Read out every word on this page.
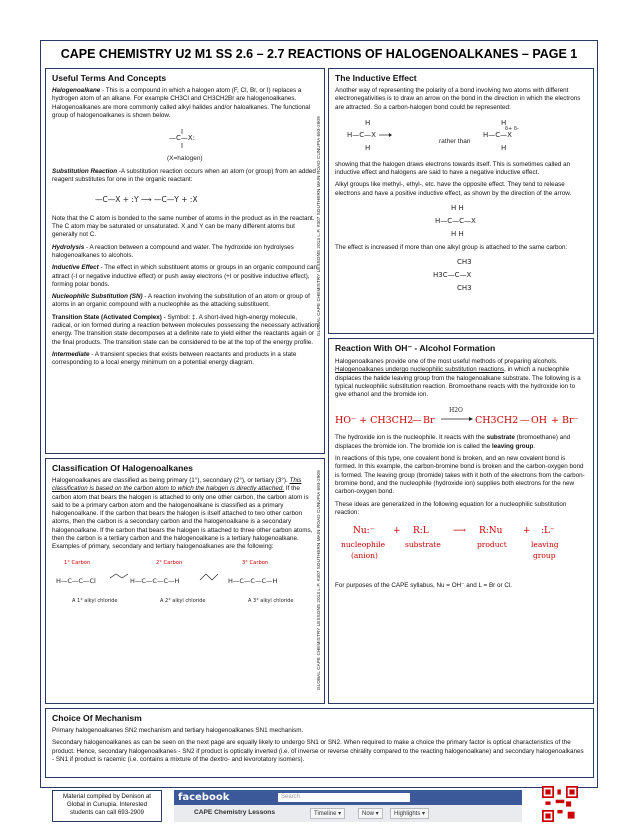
CAPE CHEMISTRY U2 M1 SS 2.6 – 2.7 REACTIONS OF HALOGENOALKANES – PAGE 1
Useful Terms And Concepts

Halogenoalkane - This is a compound in which a halogen atom (F, Cl, Br, or I) replaces a hydrogen atom of an alkane. For example CH3Cl and CH3CH2Br are halogenoalkanes. Halogenoalkanes are more commonly called alkyl halides and/or haloalkanes. The functional group of halogenoalkanes is shown below.

—C—X:
(X=halogen)

Substitution Reaction -A substitution reaction occurs when an atom (or group) from an added reagent substitutes for one in the organic reactant:

—C—X + :Y ⟶ —C—Y + :X

Note that the C atom is bonded to the same number of atoms in the product as in the reactant. The C atom may be saturated or unsaturated. X and Y can be many different atoms but generally not C.

Hydrolysis - A reaction between a compound and water. The hydroxide ion hydrolyses halogenoalkanes to alcohols.

Inductive Effect - The effect in which substituent atoms or groups in an organic compound can attract (-I or negative inductive effect) or push away electrons (+I or positive inductive effect), forming polar bonds.

Nucleophilic Substitution (SN) - A reaction involving the substitution of an atom or group of atoms in an organic compound with a nucleophile as the attacking substituent.

Transition State (Activated Complex) - Symbol: ‡. A short-lived high-energy molecule, radical, or ion formed during a reaction between molecules possessing the necessary activation energy. The transition state decomposes at a definite rate to yield either the reactants again or the final products. The transition state can be considered to be at the top of the energy profile.

Intermediate - A transient species that exists between reactants and products in a state corresponding to a local energy minimum on a potential energy diagram.

GLOBAL CAPE CHEMISTRY LESSONS 2013 L.P. #307 SOUTHERN MAIN ROAD CUNUPIA 693-2909
Classification Of Halogenoalkanes

Halogenoalkanes are classified as being primary (1°), secondary (2°), or tertiary (3°). This classification is based on the carbon atom to which the halogen is directly attached. If the carbon atom that bears the halogen is attached to only one other carbon, the carbon atom is said to be a primary carbon atom and the halogenoalkane is classified as a primary halogenoalkane. If the carbon that bears the halogen is itself attached to two other carbon atoms, then the carbon is a secondary carbon and the halogenoalkane is a secondary halogenoalkane. If the carbon that bears the halogen is attached to three other carbon atoms, then the carbon is a tertiary carbon and the halogenoalkane is a tertiary halogenoalkane. Examples of primary, secondary and tertiary halogenoalkanes are the following:

1° Carbon	2° Carbon	3° Carbon
H—C—C—Cl	H—C—C—C—H	H—C—C—C—H
A 1° alkyl chloride	A 2° alkyl chloride	A 3° alkyl chloride	GLOBAL CAPE CHEMISTRY LESSONS 2013 L.P. #307 SOUTHERN MAIN ROAD CUNUPIA 693-2909
The Inductive Effect

Another way of representing the polarity of a bond involving two atoms with different electronegativities is to draw an arrow on the bond in the direction in which the electrons are attracted. So a carbon-halogen bond could be represented:

H
H—C—X
H
H
H—C—X
H
δ+ δ-
rather than

showing that the halogen draws electrons towards itself. This is sometimes called an inductive effect and halogens are said to have a negative inductive effect.

Alkyl groups like methyl-, ethyl-, etc. have the opposite effect. They tend to release electrons and have a positive inductive effect, as shown by the direction of the arrow.

H H
H—C—C—X
H H

The effect is increased if more than one alkyl group is attached to the same carbon:

CH3
H3C—C—X
CH3
Reaction With OH⁻ - Alcohol Formation

Halogenoalkanes provide one of the most useful methods of preparing alcohols. Halogenoalkanes undergo nucleophilic substitution reactions, in which a nucleophile displaces the halide leaving group from the halogenoalkane substrate. The following is a typical nucleophilic substitution reaction. Bromoethane reacts with the hydroxide ion to give ethanol and the bromide ion.

HO⁻ + CH3CH2
— Br
H2O
CH3CH2 — OH + Br⁻

The hydroxide ion is the nucleophile. It reacts with the substrate (bromoethane) and displaces the bromide ion. The bromide ion is called the leaving group.

In reactions of this type, one covalent bond is broken, and an new covalent bond is formed. In this example, the carbon-bromine bond is broken and the carbon-oxygen bond is formed. The leaving group (bromide) takes with it both of the electrons from the carbon-bromine bond, and the nucleophile (hydroxide ion) supplies both electrons for the new carbon-oxygen bond.

These ideas are generalized in the following equation for a nucleophilic substitution reaction:

Nu:⁻ + R:L	⟶ R:Nu + :L⁻
nucleophile
(anion)
substrate	product	leaving
group

For purposes of the CAPE syllabus, Nu = OH⁻ and L = Br or Cl.

Choice Of Mechanism

Primary halogenoalkanes SN2 mechanism and tertiary halogenoalkanes SN1 mechanism.

Secondary halogenoalkanes as can be seen on the next page are equally likely to undergo SN1 or SN2. When required to make a choice the primary factor is optical characteristics of the product. Hence, secondary halogenoalkanes - SN2 if product is optically inverted (i.e. of inverse or reverse chirality compared to the reacting halogenoalkane) and secondary halogenoalkanes - SN1 if product is racemic (i.e. contains a mixture of the dextro- and levorotatory isomers).

Material compiled by Denison at Global in Cunupia. Interested students can call 693-2909
facebook	Search
CAPE Chemistry Lessons	Timeline ▾	Now ▾	Highlights ▾
